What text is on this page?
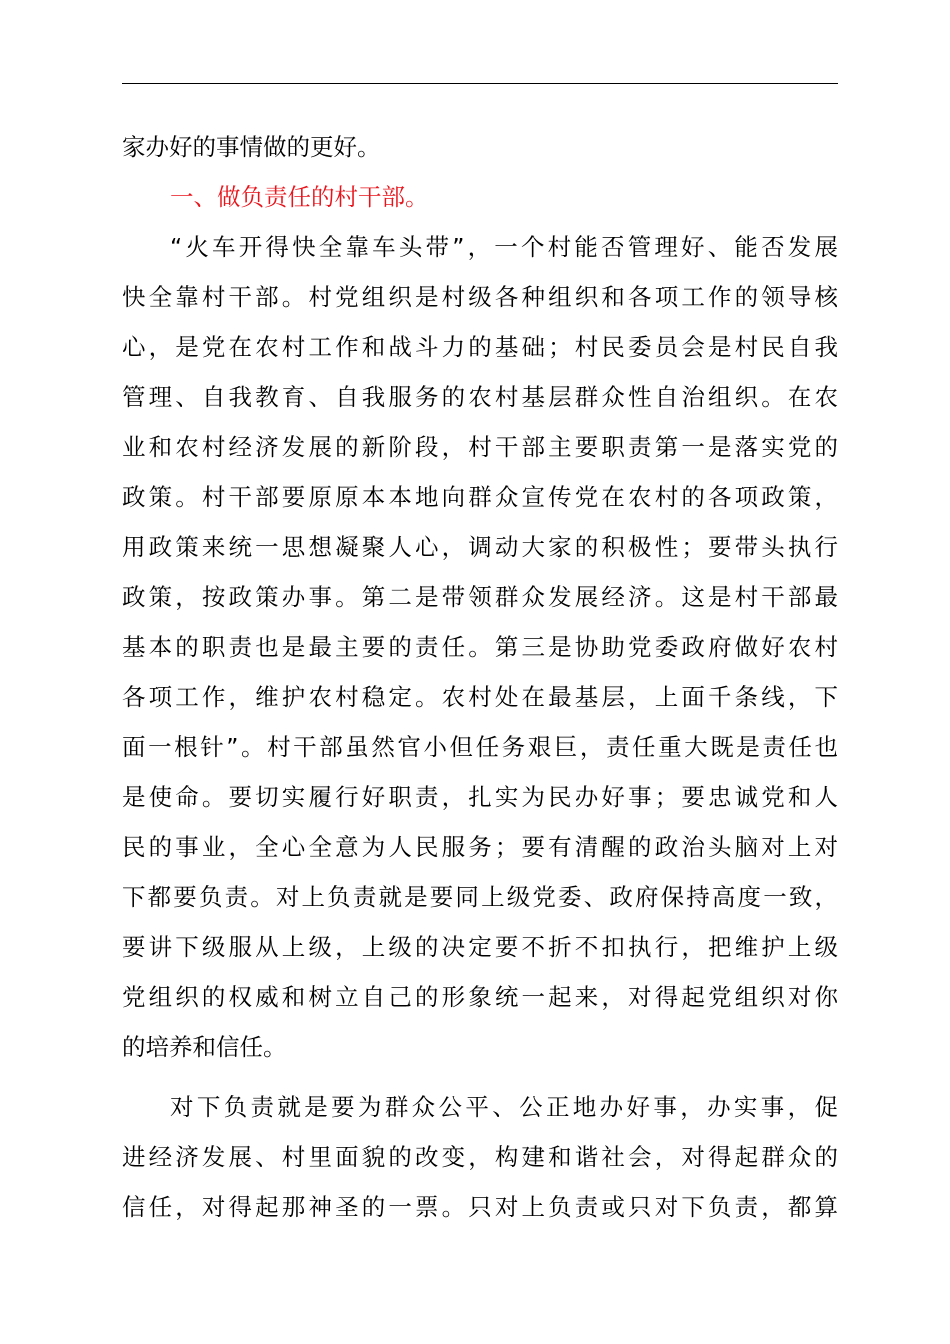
家办好的事情做的更好。
一、做负责任的村干部。
“火车开得快全靠车头带”，一个村能否管理好、能否发展
快全靠村干部。村党组织是村级各种组织和各项工作的领导核
心，是党在农村工作和战斗力的基础；村民委员会是村民自我
管理、自我教育、自我服务的农村基层群众性自治组织。在农
业和农村经济发展的新阶段，村干部主要职责第一是落实党的
政策。村干部要原原本本地向群众宣传党在农村的各项政策，
用政策来统一思想凝聚人心，调动大家的积极性；要带头执行
政策，按政策办事。第二是带领群众发展经济。这是村干部最
基本的职责也是最主要的责任。第三是协助党委政府做好农村
各项工作，维护农村稳定。农村处在最基层，上面千条线，下
面一根针”。村干部虽然官小但任务艰巨，责任重大既是责任也
是使命。要切实履行好职责，扎实为民办好事；要忠诚党和人
民的事业，全心全意为人民服务；要有清醒的政治头脑对上对
下都要负责。对上负责就是要同上级党委、政府保持高度一致，
要讲下级服从上级，上级的决定要不折不扣执行，把维护上级
党组织的权威和树立自己的形象统一起来，对得起党组织对你
的培养和信任。
对下负责就是要为群众公平、公正地办好事，办实事，促
进经济发展、村里面貌的改变，构建和谐社会，对得起群众的
信任，对得起那神圣的一票。只对上负责或只对下负责，都算
